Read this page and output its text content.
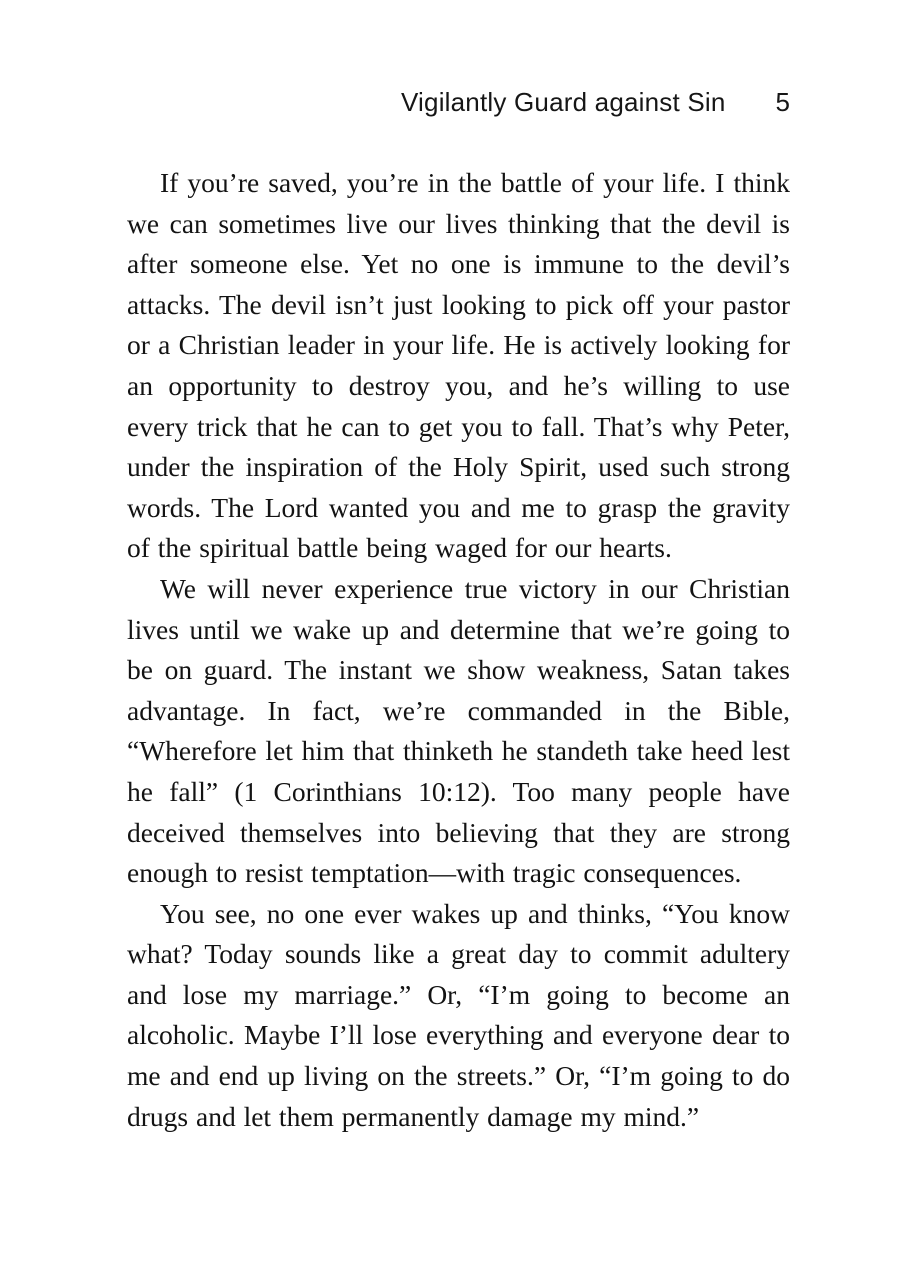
Vigilantly Guard against Sin 5

If you’re saved, you’re in the battle of your life. I think we can sometimes live our lives thinking that the devil is after someone else. Yet no one is immune to the devil’s attacks. The devil isn’t just looking to pick off your pastor or a Christian leader in your life. He is actively looking for an opportunity to destroy you, and he’s willing to use every trick that he can to get you to fall. That’s why Peter, under the inspiration of the Holy Spirit, used such strong words. The Lord wanted you and me to grasp the gravity of the spiritual battle being waged for our hearts.

We will never experience true victory in our Christian lives until we wake up and determine that we’re going to be on guard. The instant we show weakness, Satan takes advantage. In fact, we’re commanded in the Bible, “Wherefore let him that thinketh he standeth take heed lest he fall” (1 Corinthians 10:12). Too many people have deceived themselves into believing that they are strong enough to resist temptation—with tragic consequences.

You see, no one ever wakes up and thinks, “You know what? Today sounds like a great day to commit adultery and lose my marriage.” Or, “I’m going to become an alcoholic. Maybe I’ll lose everything and everyone dear to me and end up living on the streets.” Or, “I’m going to do drugs and let them permanently damage my mind.”
